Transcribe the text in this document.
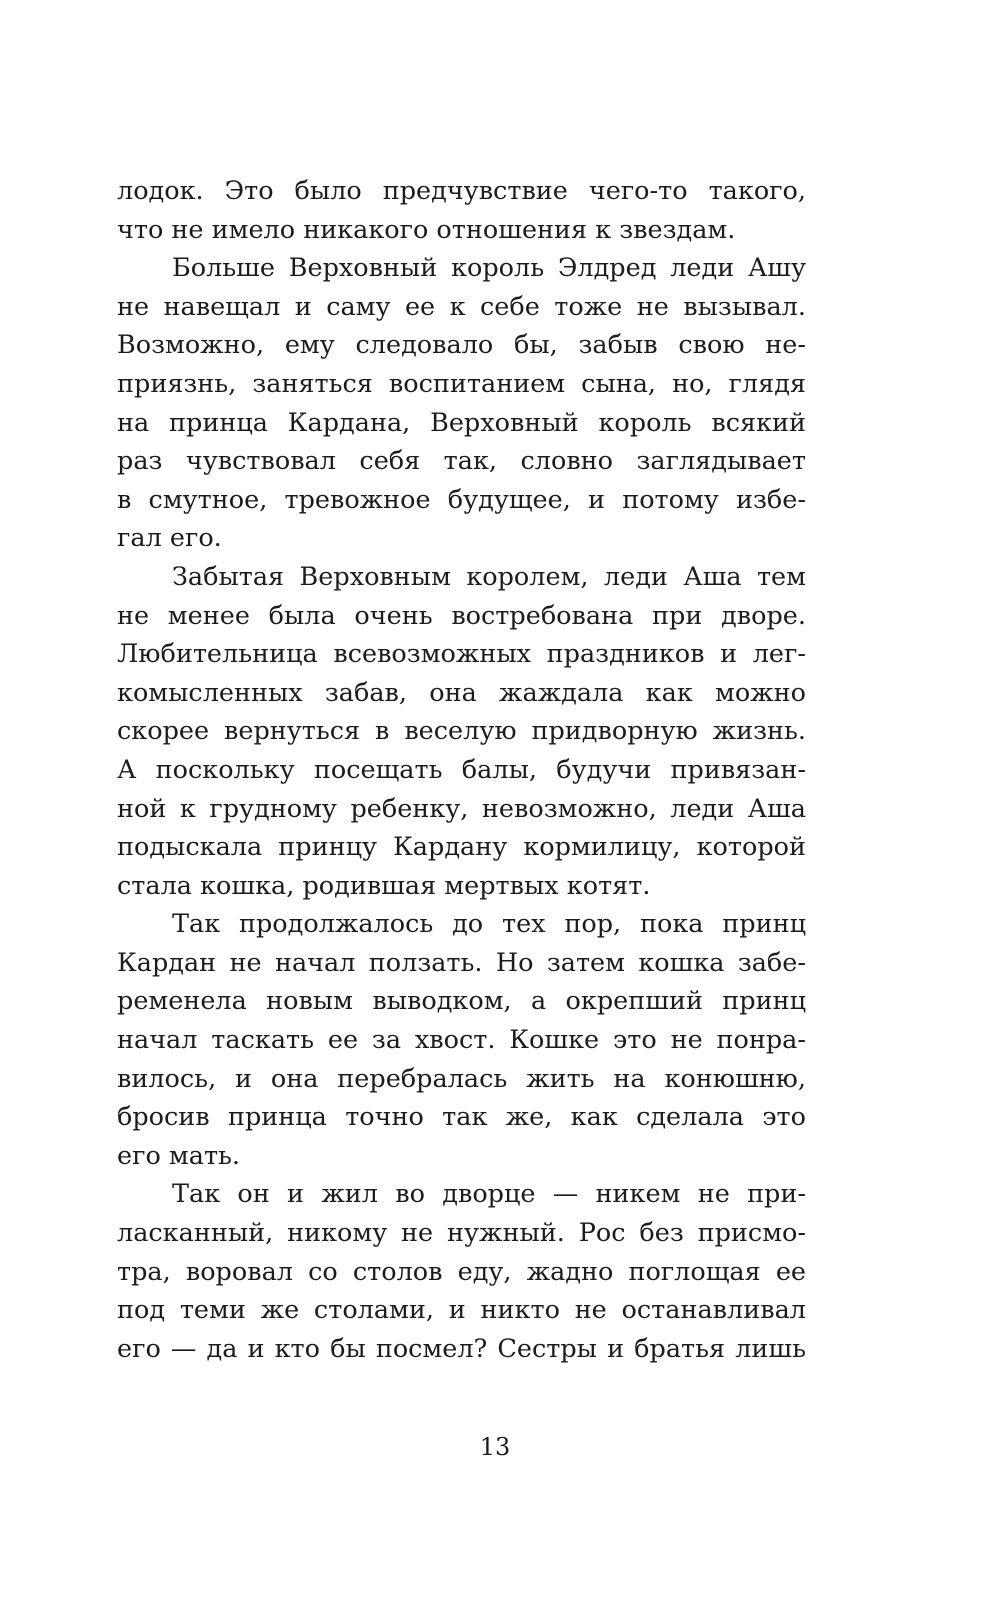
лодок. Это было предчувствие чего-то такого,
что не имело никакого отношения к звездам.
Больше Верховный король Элдред леди Ашу
не навещал и саму ее к себе тоже не вызывал.
Возможно, ему следовало бы, забыв свою не-
приязнь, заняться воспитанием сына, но, глядя
на принца Кардана, Верховный король всякий
раз чувствовал себя так, словно заглядывает
в смутное, тревожное будущее, и потому избе-
гал его.
Забытая Верховным королем, леди Аша тем
не менее была очень востребована при дворе.
Любительница всевозможных праздников и лег-
комысленных забав, она жаждала как можно
скорее вернуться в веселую придворную жизнь.
А поскольку посещать балы, будучи привязан-
ной к грудному ребенку, невозможно, леди Аша
подыскала принцу Кардану кормилицу, которой
стала кошка, родившая мертвых котят.
Так продолжалось до тех пор, пока принц
Кардан не начал ползать. Но затем кошка забе-
ременела новым выводком, а окрепший принц
начал таскать ее за хвост. Кошке это не понра-
вилось, и она перебралась жить на конюшню,
бросив принца точно так же, как сделала это
его мать.
Так он и жил во дворце — никем не при-
ласканный, никому не нужный. Рос без присмо-
тра, воровал со столов еду, жадно поглощая ее
под теми же столами, и никто не останавливал
его — да и кто бы посмел? Сестры и братья лишь
13
